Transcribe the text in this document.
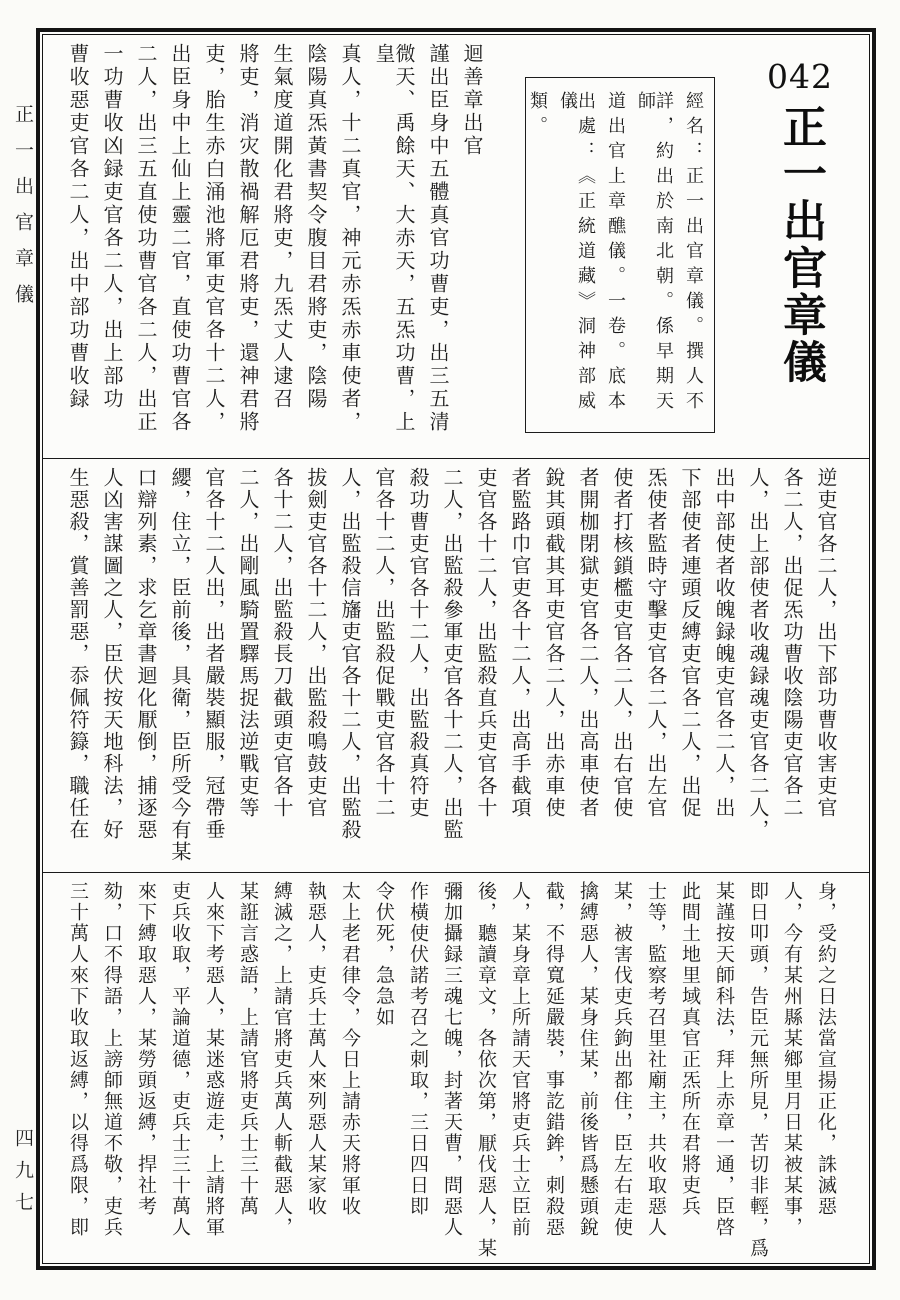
正一出官章儀
四九七
迴善章出官
謹出臣身中五體真官功曹吏，出三五清
微天、禹餘天、大赤天，五炁功曹，上皇
真人，十二真官，神元赤炁赤車使者，
陰陽真炁黃書契令腹目君將吏，陰陽
生氣度道開化君將吏，九炁丈人逮召
將吏，消灾散禍解厄君將吏，還神君將
吏，胎生赤白涌池將軍吏官各十二人，
出臣身中上仙上靈二官，直使功曹官各
二人，出三五直使功曹官各二人，出正
一功曹收凶録吏官各二人，出上部功
曹收惡吏官各二人，出中部功曹收録	經名：正一出官章儀。撰人不
詳，約出於南北朝。係早期天師
道出官上章醮儀。一卷。底本
出處：《正統道藏》洞神部威儀
類。
042
正一出官章儀
逆吏官各二人，出下部功曹收害吏官
各二人，出促炁功曹收陰陽吏官各二
人，出上部使者收魂録魂吏官各二人，
出中部使者收魄録魄吏官各二人，出
下部使者連頭反縛吏官各二人，出促
炁使者監時守擊吏官各二人，出左官
使者打核鎖檻吏官各二人，出右官使
者開枷閉獄吏官各二人，出高車使者
銳其頭截其耳吏官各二人，出赤車使
者監路巾官吏各十二人，出高手截項
吏官各十二人，出監殺直兵吏官各十
二人，出監殺參軍吏官各十二人，出監
殺功曹吏官各十二人，出監殺真符吏
官各十二人，出監殺促戰吏官各十二
人，出監殺信旛吏官各十二人，出監殺
拔劍吏官各十二人，出監殺鳴鼓吏官
各十二人，出監殺長刀截頭吏官各十
二人，出剛風騎置驛馬捉法逆戰吏等
官各十二人出，出者嚴裝顯服，冠帶垂
纓，住立，臣前後，具衛，臣所受今有某
口辯列素，求乞章書迴化厭倒，捕逐惡
人凶害謀圖之人，臣伏按天地科法，好
生惡殺，賞善罰惡，忝佩符籙，職任在
身，受約之日法當宣揚正化，誅滅惡
人，今有某州縣某鄉里月日某被某事，
即日叩頭，告臣元無所見，苦切非輕，爲
某謹按天師科法，拜上赤章一通，臣啓
此間土地里域真官正炁所在君將吏兵
士等，監察考召里社廟主，共收取惡人
某，被害伐吏兵鉤出都住，臣左右走使
擒縛惡人，某身住某，前後皆爲懸頭銳
截，不得寬延嚴裝，事訖錯鉾，刺殺惡
人，某身章上所請天官將吏兵士立臣前
後，聽讀章文，各依次第，厭伐惡人，某
彌加攝録三魂七魄，封著天曹，問惡人
作橫使伏諾考召之刺取，三日四日即
令伏死，急急如
太上老君律令，今日上請赤天將軍收
執惡人，吏兵士萬人來列惡人某家收
縛滅之，上請官將吏兵萬人斬截惡人，
某誑言惑語，上請官將吏兵士三十萬
人來下考惡人，某迷惑遊走，上請將軍
吏兵收取，平論道德，吏兵士三十萬人
來下縛取惡人，某勞頭返縛，捍社考
劾，口不得語，上謗師無道不敬，吏兵
三十萬人來下收取返縛，以得爲限，即
